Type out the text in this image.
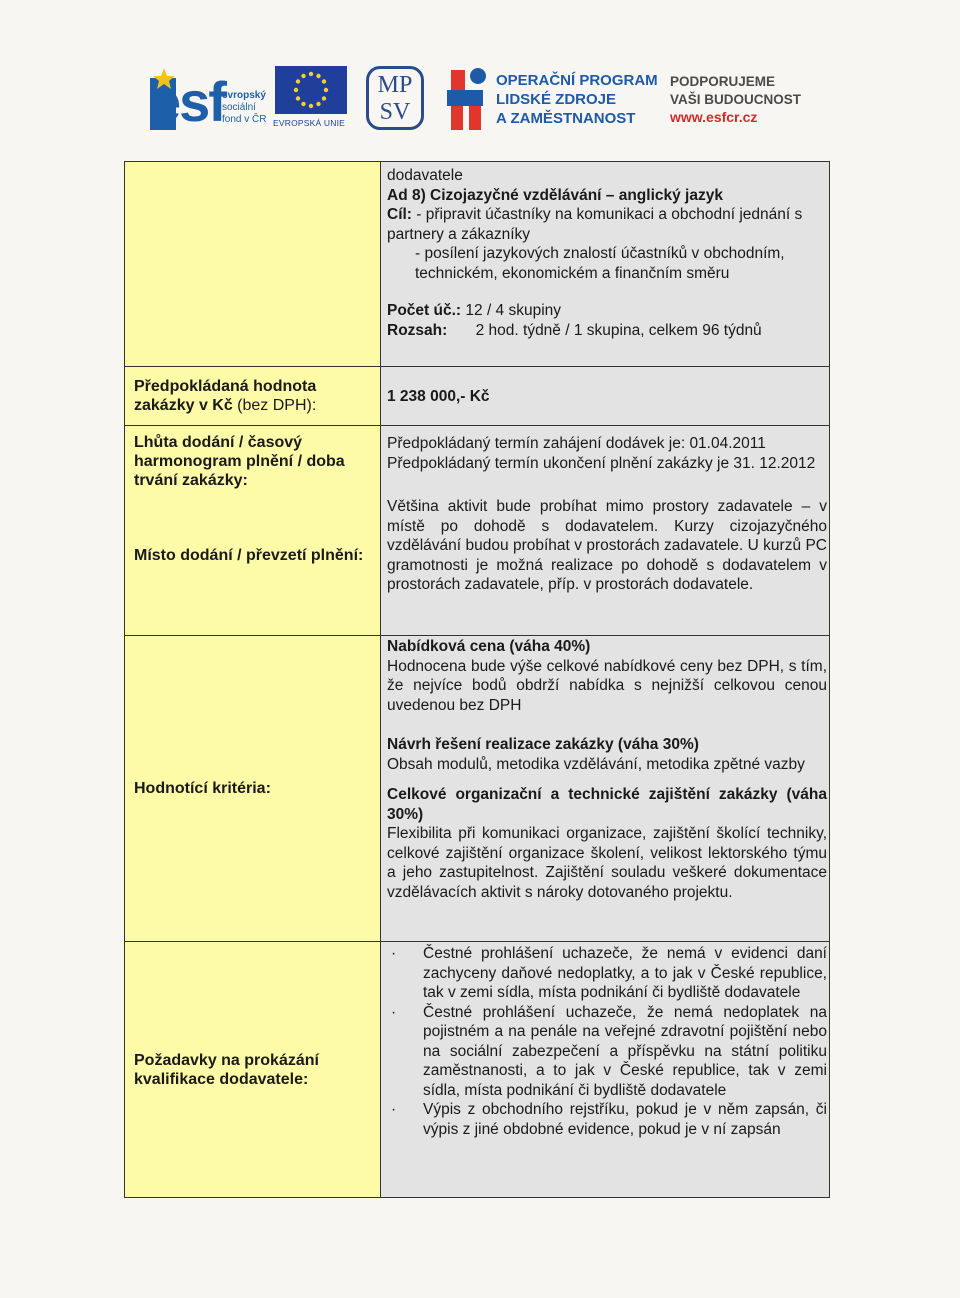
esf
evropský
sociální
fond v ČR EVROPSKÁ UNIE
MP
SV
OPERAČNÍ PROGRAM
LIDSKÉ ZDROJE
A ZAMĚSTNANOST
PODPORUJEME
VAŠI BUDOUCNOST
www.esfcr.cz

dodavatele

Ad 8) Cizojazyčné vzdělávání – anglický jazyk

Cíl: - připravit účastníky na komunikaci a obchodní jednání s partnery a zákazníky

- posílení jazykových znalostí účastníků v obchodním, technickém, ekonomickém a finančním směru

Počet úč.: 12 / 4 skupiny

Rozsah: 2 hod. týdně / 1 skupina, celkem 96 týdnů

Předpokládaná hodnota zakázky v Kč (bez DPH):
1 238 000,- Kč
Lhůta dodání / časový harmonogram plnění / doba trvání zakázky:

Předpokládaný termín zahájení dodávek je: 01.04.2011

Předpokládaný termín ukončení plnění zakázky je 31. 12.2012

Místo dodání / převzetí plnění:
Většina aktivit bude probíhat mimo prostory zadavatele – v místě po dohodě s dodavatelem. Kurzy cizojazyčného vzdělávání budou probíhat v prostorách zadavatele. U kurzů PC gramotnosti je možná realizace po dohodě s dodavatelem v prostorách zadavatele, příp. v prostorách dodavatele.
Hodnotící kritéria:

Nabídková cena (váha 40%)

Hodnocena bude výše celkové nabídkové ceny bez DPH, s tím, že nejvíce bodů obdrží nabídka s nejnižší celkovou cenou uvedenou bez DPH

Návrh řešení realizace zakázky (váha 30%)

Obsah modulů, metodika vzdělávání, metodika zpětné vazby

Celkové organizační a technické zajištění zakázky (váha 30%)

Flexibilita při komunikaci organizace, zajištění školící techniky, celkové zajištění organizace školení, velikost lektorského týmu a jeho zastupitelnost. Zajištění souladu veškeré dokumentace vzdělávacích aktivit s nároky dotovaného projektu.

Požadavky na prokázání kvalifikace dodavatele:
· Čestné prohlášení uchazeče, že nemá v evidenci daní zachyceny daňové nedoplatky, a to jak v České republice, tak v zemi sídla, místa podnikání či bydliště dodavatele
· Čestné prohlášení uchazeče, že nemá nedoplatek na pojistném a na penále na veřejné zdravotní pojištění nebo na sociální zabezpečení a příspěvku na státní politiku zaměstnanosti, a to jak v České republice, tak v zemi sídla, místa podnikání či bydliště dodavatele
· Výpis z obchodního rejstříku, pokud je v něm zapsán, či výpis z jiné obdobné evidence, pokud je v ní zapsán
